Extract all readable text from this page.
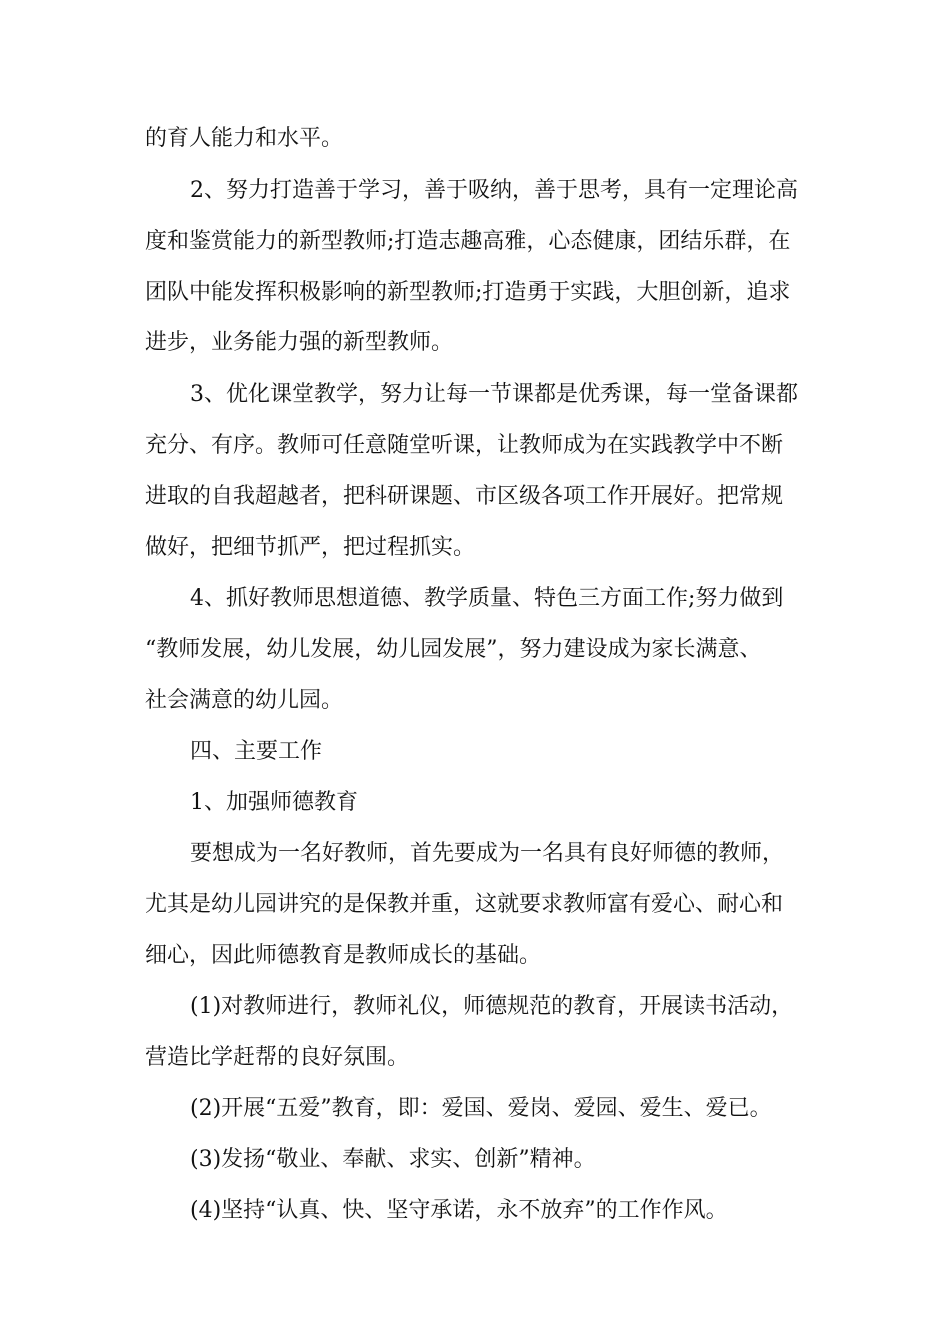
的育人能力和水平。
2、努力打造善于学习，善于吸纳，善于思考，具有一定理论高
度和鉴赏能力的新型教师;打造志趣高雅，心态健康，团结乐群，在
团队中能发挥积极影响的新型教师;打造勇于实践，大胆创新，追求
进步，业务能力强的新型教师。
3、优化课堂教学，努力让每一节课都是优秀课，每一堂备课都
充分、有序。教师可任意随堂听课，让教师成为在实践教学中不断
进取的自我超越者，把科研课题、市区级各项工作开展好。把常规
做好，把细节抓严，把过程抓实。
4、抓好教师思想道德、教学质量、特色三方面工作;努力做到
“教师发展，幼儿发展，幼儿园发展”，努力建设成为家长满意、
社会满意的幼儿园。
四、主要工作
1、加强师德教育
要想成为一名好教师，首先要成为一名具有良好师德的教师，
尤其是幼儿园讲究的是保教并重，这就要求教师富有爱心、耐心和
细心，因此师德教育是教师成长的基础。
(1)对教师进行，教师礼仪，师德规范的教育，开展读书活动，
营造比学赶帮的良好氛围。
(2)开展“五爱”教育，即：爱国、爱岗、爱园、爱生、爱已。
(3)发扬“敬业、奉献、求实、创新”精神。
(4)坚持“认真、快、坚守承诺，永不放弃”的工作作风。
